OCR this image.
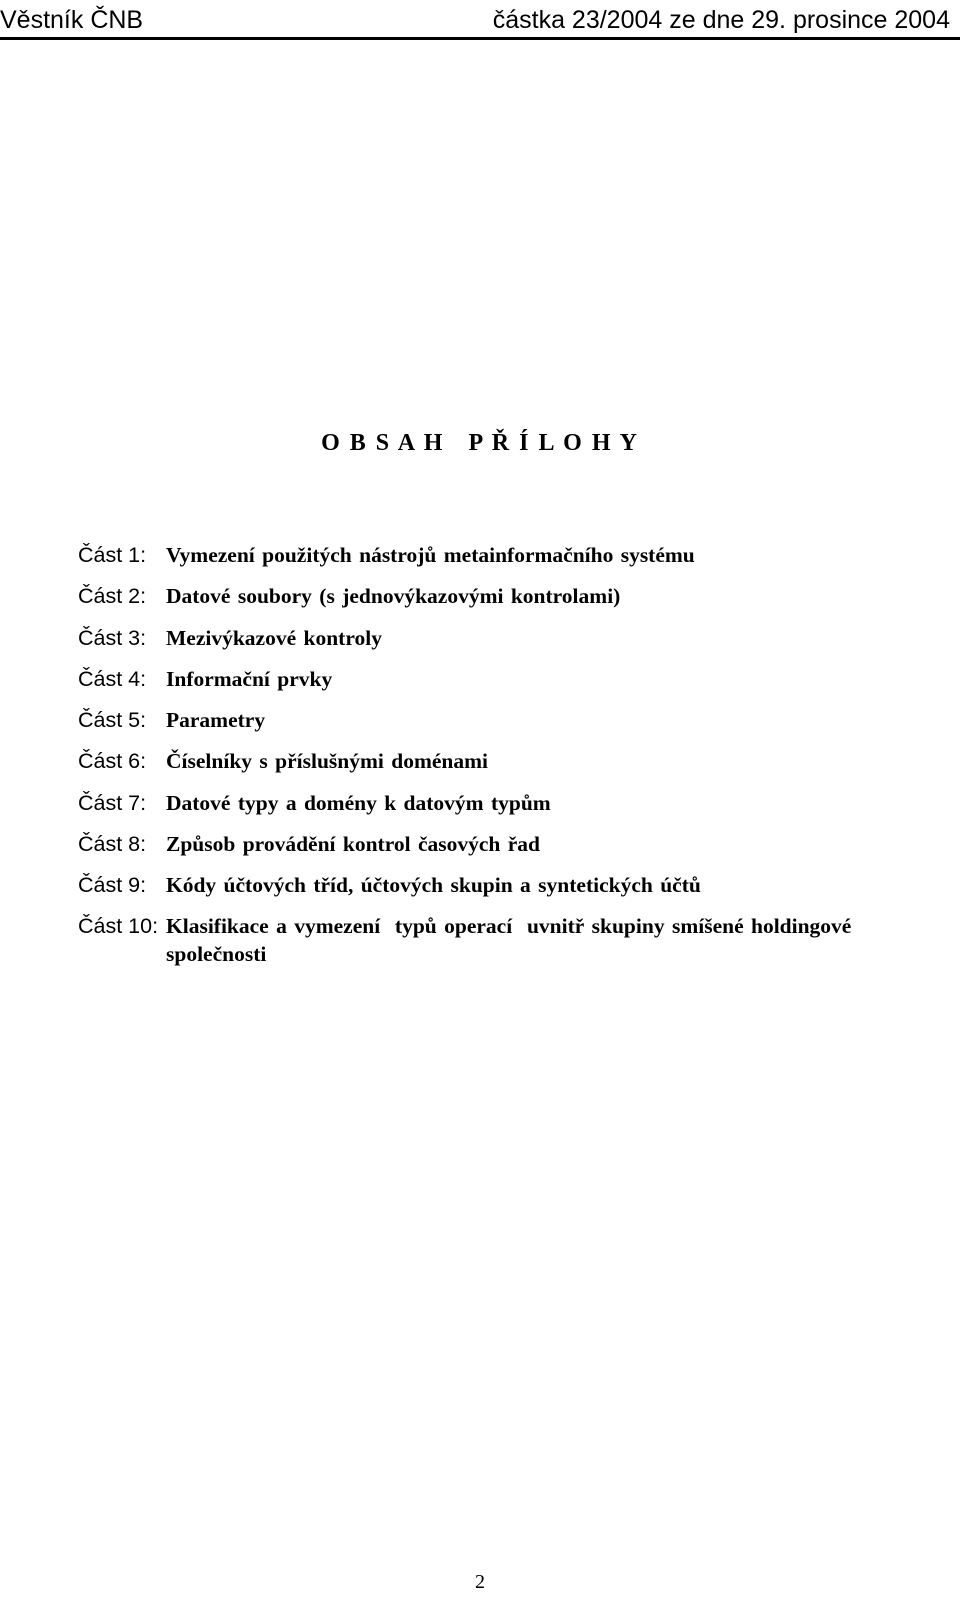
Věstník ČNB	částka 23/2004 ze dne 29. prosince 2004
O B S A H   P Ř Í L O H Y
Část 1: Vymezení použitých nástrojů metainformačního systému
Část 2: Datové soubory (s jednovýkazovými kontrolami)
Část 3: Mezivýkazové kontroly
Část 4: Informační prvky
Část 5: Parametry
Část 6: Číselníky s příslušnými doménami
Část 7: Datové typy a domény k datovým typům
Část 8: Způsob provádění kontrol časových řad
Část 9: Kódy účtových tříd, účtových skupin a syntetických účtů
Část 10: Klasifikace a vymezení  typů operací  uvnitř skupiny smíšené holdingové společnosti
2
